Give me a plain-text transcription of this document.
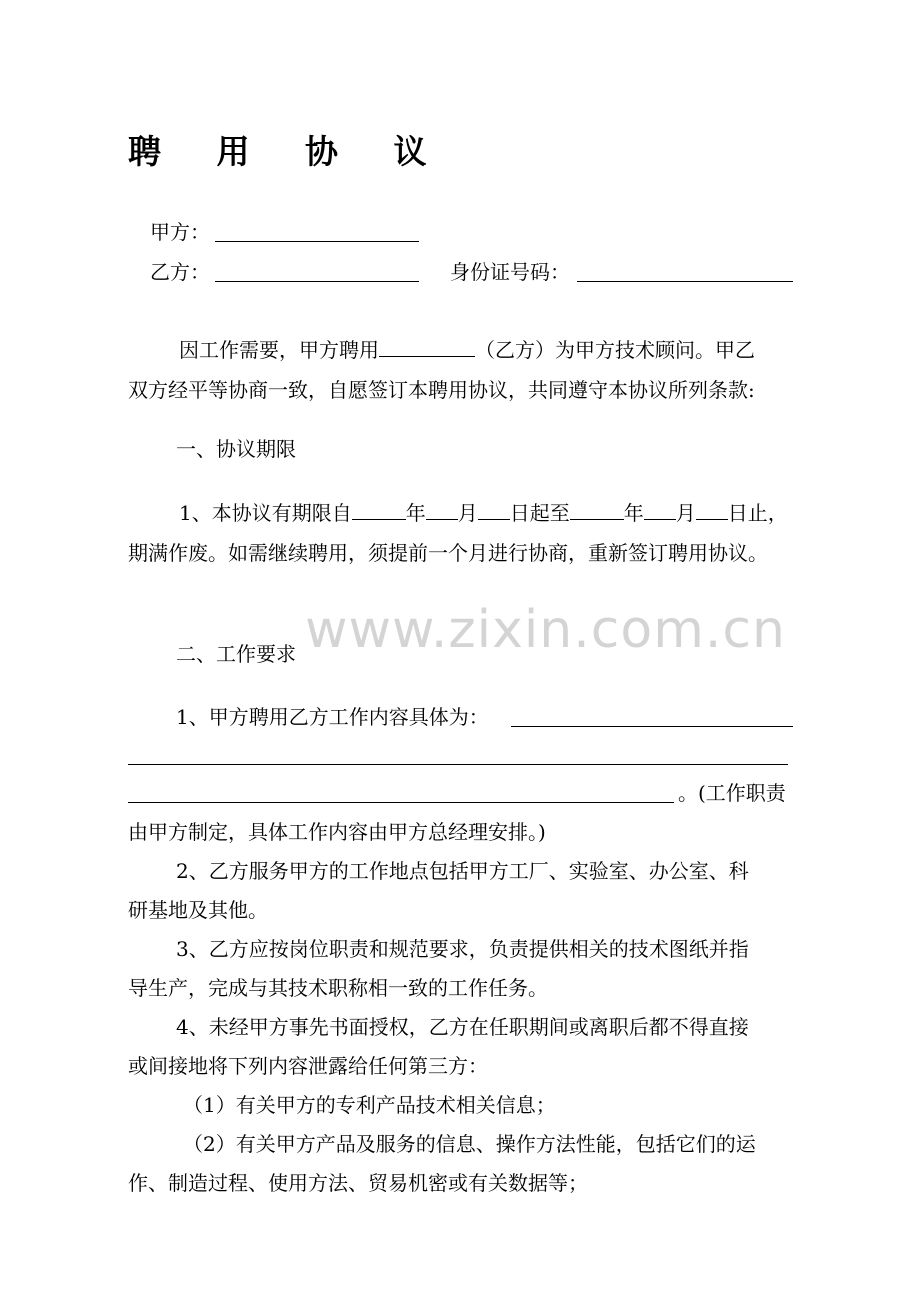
聘 用 协 议
甲方：
乙方：	身份证号码：
因工作需要，甲方聘用	（乙方）为甲方技术顾问。甲乙
双方经平等协商一致，自愿签订本聘用协议，共同遵守本协议所列条款:
一、协议期限
1、本协议有期限自	年 月 日起至	年 月 日止，
期满作废。如需继续聘用，须提前一个月进行协商，重新签订聘用协议。
www.zixin.com.cn
二、工作要求
1、甲方聘用乙方工作内容具体为：
。(工作职责
由甲方制定，具体工作内容由甲方总经理安排。)
2、乙方服务甲方的工作地点包括甲方工厂、实验室、办公室、科
研基地及其他。
3、乙方应按岗位职责和规范要求，负责提供相关的技术图纸并指
导生产，完成与其技术职称相一致的工作任务。
4、未经甲方事先书面授权，乙方在任职期间或离职后都不得直接
或间接地将下列内容泄露给任何第三方：
（1）有关甲方的专利产品技术相关信息；
（2）有关甲方产品及服务的信息、操作方法性能，包括它们的运
作、制造过程、使用方法、贸易机密或有关数据等；
